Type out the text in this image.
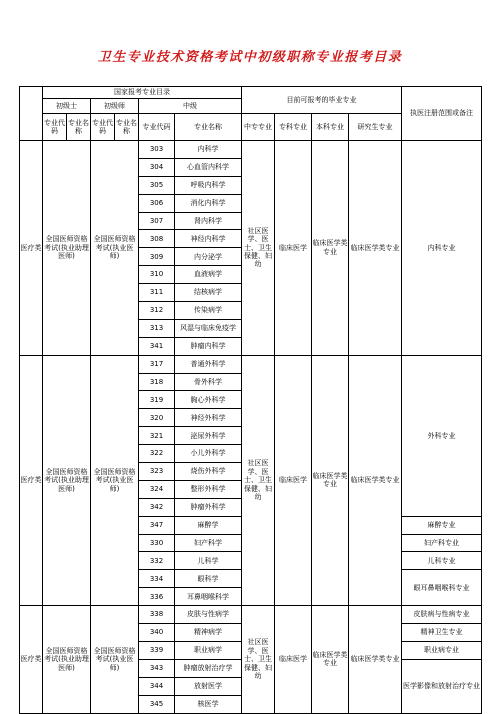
卫生专业技术资格考试中初级职称专业报考目录
	国家报考专业目录						目前可报考的毕业专业				执医注册范围或备注
	初级士		初级师		中级						
	专业代码	专业名称	专业代码	专业名称	专业代码	专业名称	中专专业	专科专业	本科专业	研究生专业	
医疗类	全国医师资格考试(执业助理医师)		全国医师资格考试(执业医师)		303	内科学	社区医学、医士、卫生保健、妇幼	临床医学	临床医学类专业	临床医学类专业	内科专业
					304	心血管内科学					
					305	呼吸内科学					
					306	消化内科学					
					307	肾内科学					
					308	神经内科学					
					309	内分泌学					
					310	血液病学					
					311	结核病学					
					312	传染病学					
					313	风湿与临床免疫学					
					341	肿瘤内科学					
医疗类	全国医师资格考试(执业助理医师)		全国医师资格考试(执业医师)		317	普通外科学	社区医学、医士、卫生保健、妇幼	临床医学	临床医学类专业	临床医学类专业	外科专业
					318	骨外科学					
					319	胸心外科学					
					320	神经外科学					
					321	泌尿外科学					
					322	小儿外科学					
					323	烧伤外科学					
					324	整形外科学					
					342	肿瘤外科学					
					347	麻醉学					麻醉专业
					330	妇产科学					妇产科专业
					332	儿科学					儿科专业
					334	眼科学					眼耳鼻咽喉科专业
					336	耳鼻咽喉科学					
医疗类	全国医师资格考试(执业助理医师)		全国医师资格考试(执业医师)		338	皮肤与性病学	社区医学、医士、卫生保健、妇幼	临床医学	临床医学类专业	临床医学类专业	皮肤病与性病专业
					340	精神病学					精神卫生专业
					339	职业病学					职业病专业
					343	肿瘤放射治疗学					医学影像和放射治疗专业
					344	放射医学					
					345	核医学					
